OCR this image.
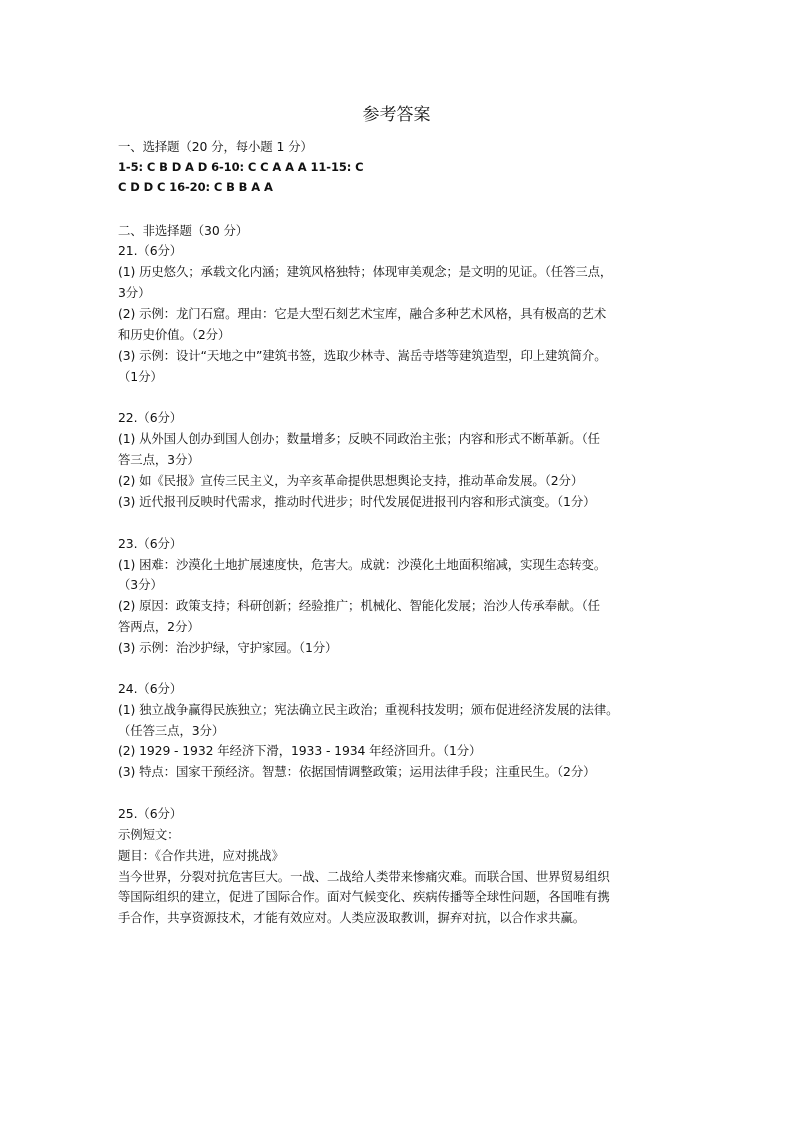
参考答案
一、选择题（20 分，每小题 1 分）
1-5: C B D A D 6-10: C C A A A 11-15: C
C D D C 16-20: C B B A A
二、非选择题（30 分）
21.（6分）
(1) 历史悠久；承载文化内涵；建筑风格独特；体现审美观念；是文明的见证。（任答三点，
3分）
(2) 示例：龙门石窟。理由：它是大型石刻艺术宝库，融合多种艺术风格，具有极高的艺术
和历史价值。（2分）
(3) 示例：设计“天地之中”建筑书签，选取少林寺、嵩岳寺塔等建筑造型，印上建筑简介。
（1分）
22.（6分）
(1) 从外国人创办到国人创办；数量增多；反映不同政治主张；内容和形式不断革新。（任
答三点，3分）
(2) 如《民报》宣传三民主义，为辛亥革命提供思想舆论支持，推动革命发展。（2分）
(3) 近代报刊反映时代需求，推动时代进步；时代发展促进报刊内容和形式演变。（1分）
23.（6分）
(1) 困难：沙漠化土地扩展速度快，危害大。成就：沙漠化土地面积缩减，实现生态转变。
（3分）
(2) 原因：政策支持；科研创新；经验推广；机械化、智能化发展；治沙人传承奉献。（任
答两点，2分）
(3) 示例：治沙护绿，守护家园。（1分）
24.（6分）
(1) 独立战争赢得民族独立；宪法确立民主政治；重视科技发明；颁布促进经济发展的法律。
（任答三点，3分）
(2) 1929 - 1932 年经济下滑，1933 - 1934 年经济回升。（1分）
(3) 特点：国家干预经济。智慧：依据国情调整政策；运用法律手段；注重民生。（2分）
25.（6分）
示例短文：
题目：《合作共进，应对挑战》
当今世界，分裂对抗危害巨大。一战、二战给人类带来惨痛灾难。而联合国、世界贸易组织
等国际组织的建立，促进了国际合作。面对气候变化、疾病传播等全球性问题，各国唯有携
手合作，共享资源技术，才能有效应对。人类应汲取教训，摒弃对抗，以合作求共赢。
